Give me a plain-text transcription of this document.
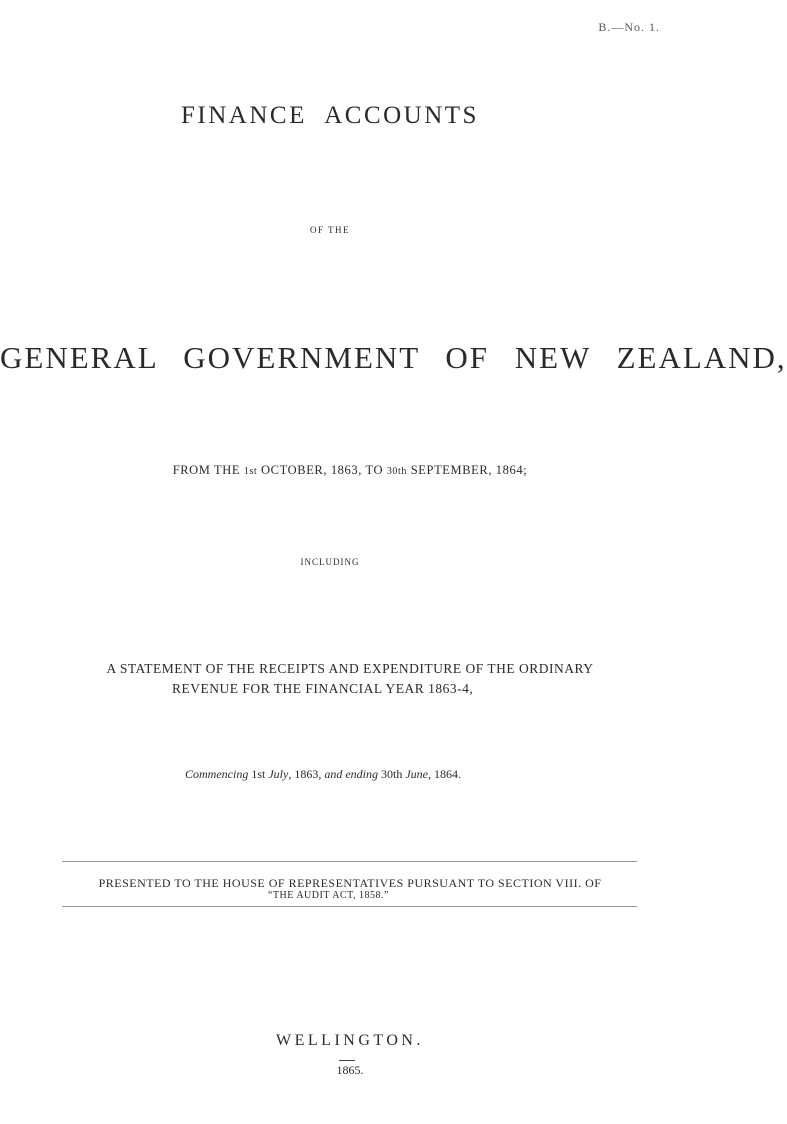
B.—No. 1.
FINANCE ACCOUNTS
OF THE
GENERAL GOVERNMENT OF NEW ZEALAND,
FROM THE 1st OCTOBER, 1863, TO 30th SEPTEMBER, 1864;
INCLUDING
A STATEMENT OF THE RECEIPTS AND EXPENDITURE OF THE ORDINARY
REVENUE FOR THE FINANCIAL YEAR 1863-4,
Commencing 1st July, 1863, and ending 30th June, 1864.
PRESENTED TO THE HOUSE OF REPRESENTATIVES PURSUANT TO SECTION VIII. OF
“THE AUDIT ACT, 1858.”
WELLINGTON.
1865.
